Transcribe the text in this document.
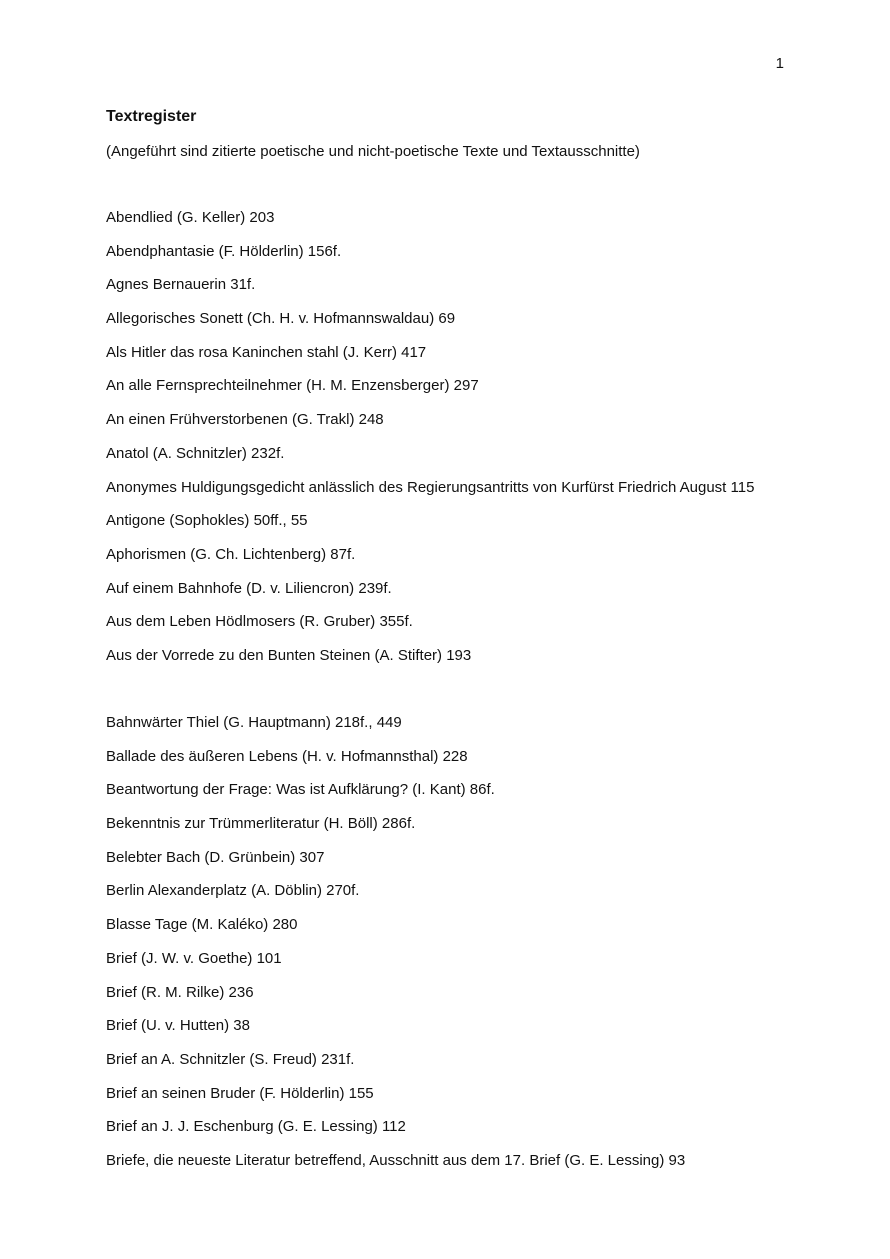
1
Textregister

(Angeführt sind zitierte poetische und nicht-poetische Texte und Textausschnitte)

Abendlied (G. Keller) 203
Abendphantasie (F. Hölderlin) 156f.
Agnes Bernauerin 31f.
Allegorisches Sonett (Ch. H. v. Hofmannswaldau) 69
Als Hitler das rosa Kaninchen stahl (J. Kerr) 417
An alle Fernsprechteilnehmer (H. M. Enzensberger) 297
An einen Frühverstorbenen (G. Trakl) 248
Anatol (A. Schnitzler) 232f.
Anonymes Huldigungsgedicht anlässlich des Regierungsantritts von Kurfürst Friedrich August 115
Antigone (Sophokles) 50ff., 55
Aphorismen (G. Ch. Lichtenberg) 87f.
Auf einem Bahnhofe (D. v. Liliencron) 239f.
Aus dem Leben Hödlmosers (R. Gruber) 355f.
Aus der Vorrede zu den Bunten Steinen (A. Stifter) 193
Bahnwärter Thiel (G. Hauptmann) 218f., 449
Ballade des äußeren Lebens (H. v. Hofmannsthal) 228
Beantwortung der Frage: Was ist Aufklärung? (I. Kant) 86f.
Bekenntnis zur Trümmerliteratur (H. Böll) 286f.
Belebter Bach (D. Grünbein) 307
Berlin Alexanderplatz (A. Döblin) 270f.
Blasse Tage (M. Kaléko) 280
Brief (J. W. v. Goethe) 101
Brief (R. M. Rilke) 236
Brief (U. v. Hutten) 38
Brief an A. Schnitzler (S. Freud) 231f.
Brief an seinen Bruder (F. Hölderlin) 155
Brief an J. J. Eschenburg (G. E. Lessing) 112
Briefe, die neueste Literatur betreffend, Ausschnitt aus dem 17. Brief (G. E. Lessing) 93
